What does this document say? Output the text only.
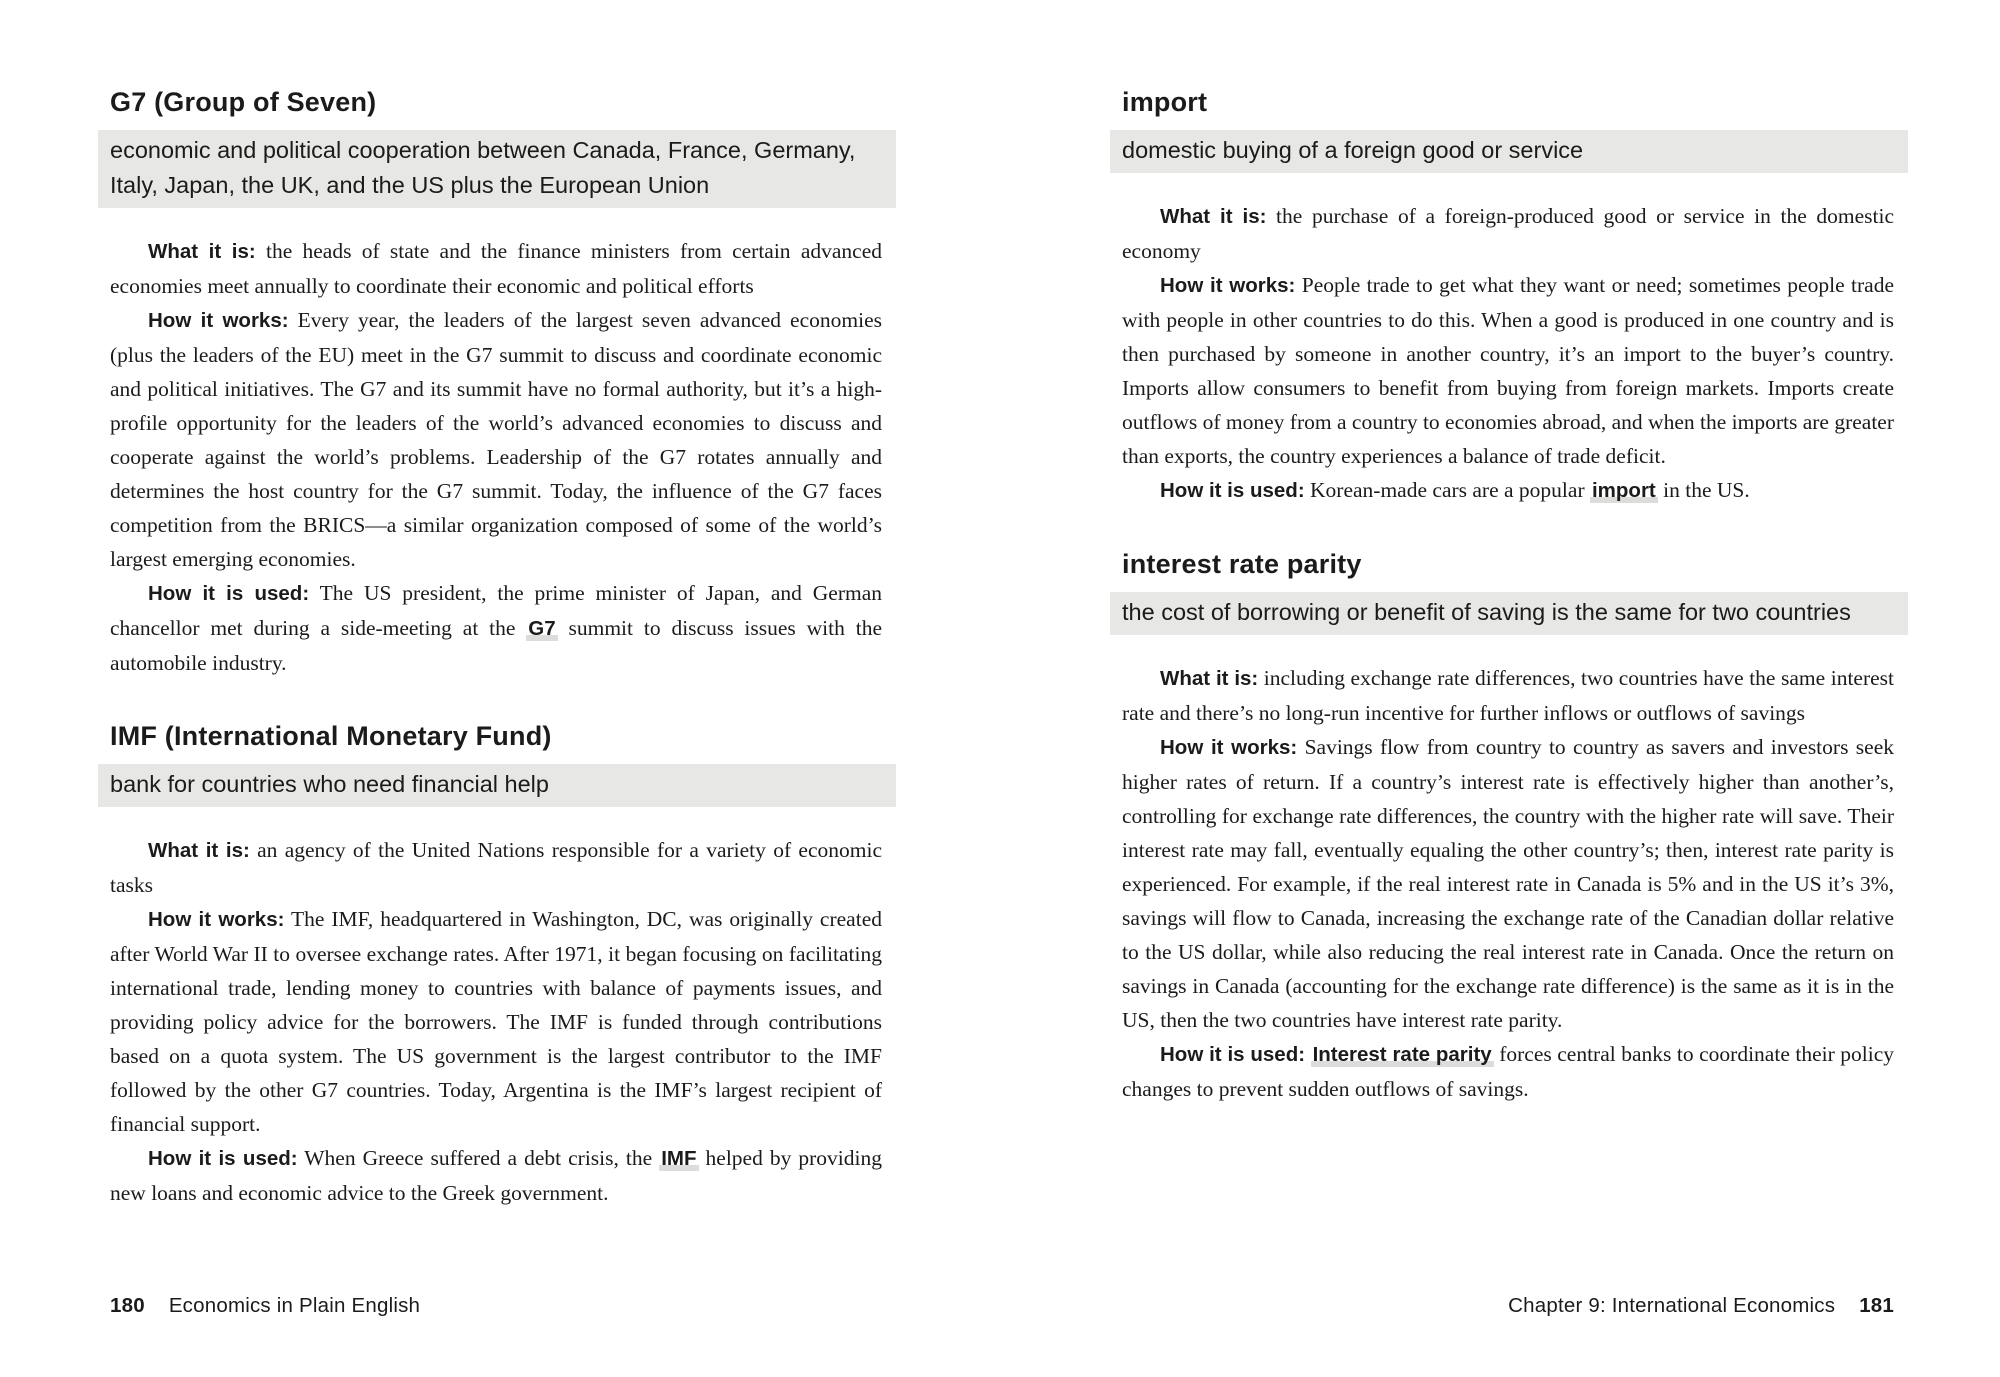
G7 (Group of Seven)
economic and political cooperation between Canada, France, Germany, Italy, Japan, the UK, and the US plus the European Union

What it is: the heads of state and the finance ministers from certain advanced economies meet annually to coordinate their economic and political efforts

How it works: Every year, the leaders of the largest seven advanced economies (plus the leaders of the EU) meet in the G7 summit to discuss and coordinate economic and political initiatives. The G7 and its summit have no formal authority, but it’s a high-profile opportunity for the leaders of the world’s advanced economies to discuss and cooperate against the world’s problems. Leadership of the G7 rotates annually and determines the host country for the G7 summit. Today, the influence of the G7 faces competition from the BRICS—a similar organization composed of some of the world’s largest emerging economies.

How it is used: The US president, the prime minister of Japan, and German chancellor met during a side-meeting at the G7 summit to discuss issues with the automobile industry.

IMF (International Monetary Fund)
bank for countries who need financial help

What it is: an agency of the United Nations responsible for a variety of economic tasks

How it works: The IMF, headquartered in Washington, DC, was originally created after World War II to oversee exchange rates. After 1971, it began focusing on facilitating international trade, lending money to countries with balance of payments issues, and providing policy advice for the borrowers. The IMF is funded through contributions based on a quota system. The US government is the largest contributor to the IMF followed by the other G7 countries. Today, Argentina is the IMF’s largest recipient of financial support.

How it is used: When Greece suffered a debt crisis, the IMF helped by providing new loans and economic advice to the Greek government.

import
domestic buying of a foreign good or service

What it is: the purchase of a foreign-produced good or service in the domestic economy

How it works: People trade to get what they want or need; sometimes people trade with people in other countries to do this. When a good is produced in one country and is then purchased by someone in another country, it’s an import to the buyer’s country. Imports allow consumers to benefit from buying from foreign markets. Imports create outflows of money from a country to economies abroad, and when the imports are greater than exports, the country experiences a balance of trade deficit.

How it is used: Korean-made cars are a popular import in the US.

interest rate parity
the cost of borrowing or benefit of saving is the same for two countries

What it is: including exchange rate differences, two countries have the same interest rate and there’s no long-run incentive for further inflows or outflows of savings

How it works: Savings flow from country to country as savers and investors seek higher rates of return. If a country’s interest rate is effectively higher than another’s, controlling for exchange rate differences, the country with the higher rate will save. Their interest rate may fall, eventually equaling the other country’s; then, interest rate parity is experienced. For example, if the real interest rate in Canada is 5% and in the US it’s 3%, savings will flow to Canada, increasing the exchange rate of the Canadian dollar relative to the US dollar, while also reducing the real interest rate in Canada. Once the return on savings in Canada (accounting for the exchange rate difference) is the same as it is in the US, then the two countries have interest rate parity.

How it is used: Interest rate parity forces central banks to coordinate their policy changes to prevent sudden outflows of savings.

180 Economics in Plain English	Chapter 9: International Economics 181
